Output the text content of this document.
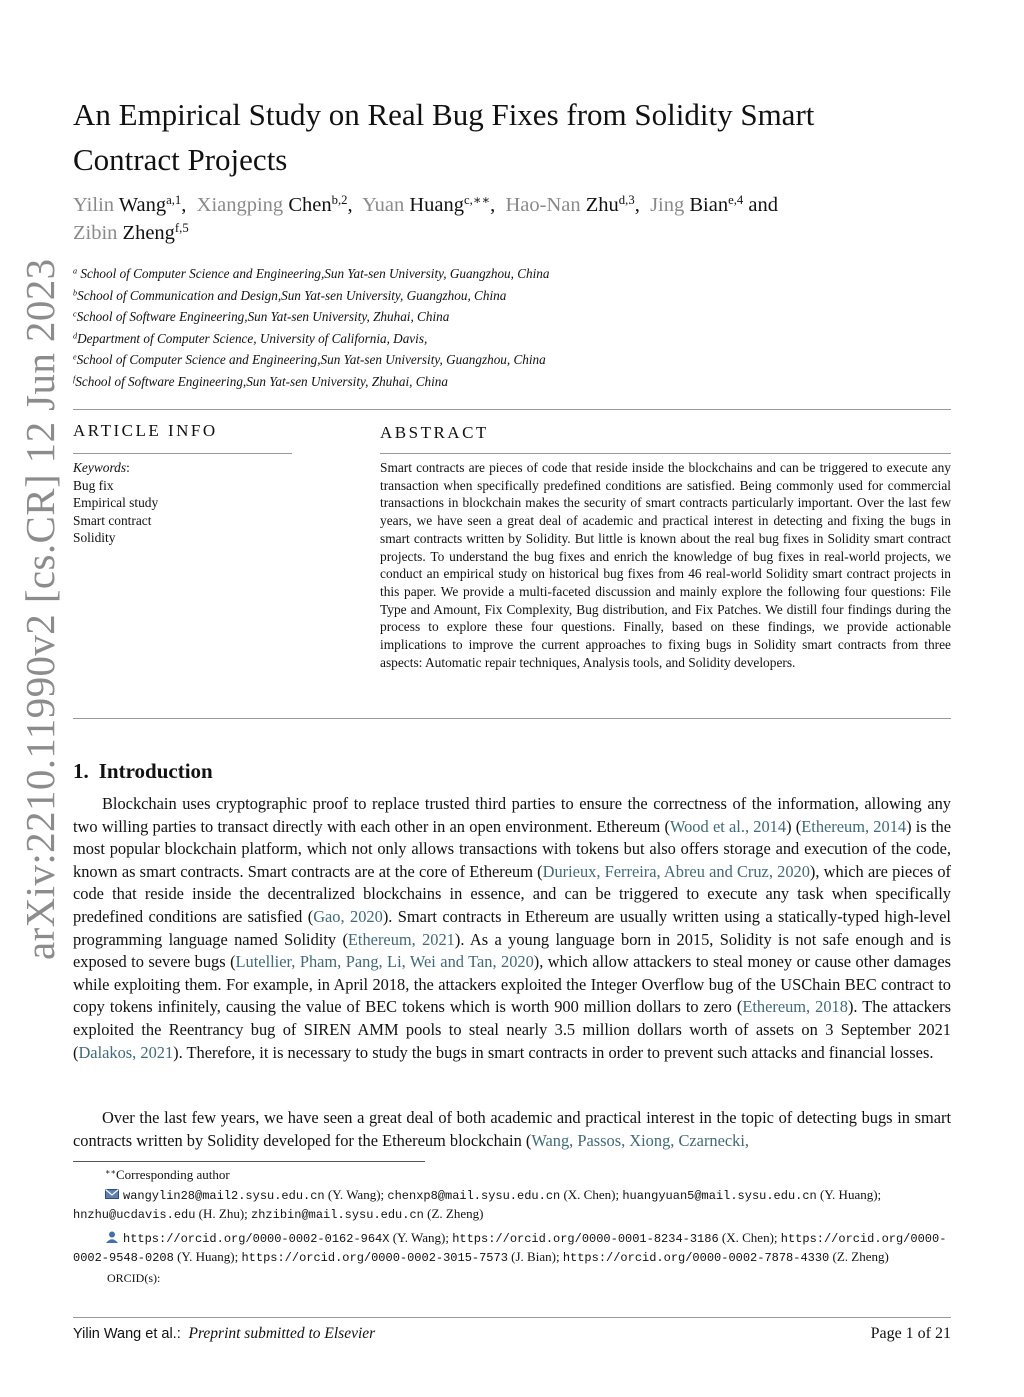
arXiv:2210.11990v2 [cs.CR] 12 Jun 2023
An Empirical Study on Real Bug Fixes from Solidity Smart
Contract Projects
Yilin Wang$^{a,1}$,  Xiangping Chen$^{b,2}$,  Yuan Huang$^{c,∗∗}$,  Hao-Nan Zhu$^{d,3}$,  Jing Bian$^{e,4}$ and
Zibin Zheng$^{f,5}$
$^a$ School of Computer Science and Engineering,Sun Yat-sen University, Guangzhou, China
$^b$School of Communication and Design,Sun Yat-sen University, Guangzhou, China
$^c$School of Software Engineering,Sun Yat-sen University, Zhuhai, China
$^d$Department of Computer Science, University of California, Davis,
$^e$School of Computer Science and Engineering,Sun Yat-sen University, Guangzhou, China
$^f$School of Software Engineering,Sun Yat-sen University, Zhuhai, China
ARTICLE INFO	ABSTRACT
Keywords:
Bug fix
Empirical study
Smart contract
Solidity
Smart contracts are pieces of code that reside inside the blockchains and can be triggered to execute any transaction when specifically predefined conditions are satisfied. Being commonly used for commercial transactions in blockchain makes the security of smart contracts particularly important. Over the last few years, we have seen a great deal of academic and practical interest in detecting and fixing the bugs in smart contracts written by Solidity. But little is known about the real bug fixes in Solidity smart contract projects. To understand the bug fixes and enrich the knowledge of bug fixes in real-world projects, we conduct an empirical study on historical bug fixes from 46 real-world Solidity smart contract projects in this paper. We provide a multi-faceted discussion and mainly explore the following four questions: File Type and Amount, Fix Complexity, Bug distribution, and Fix Patches. We distill four findings during the process to explore these four questions. Finally, based on these findings, we provide actionable implications to improve the current approaches to fixing bugs in Solidity smart contracts from three aspects: Automatic repair techniques, Analysis tools, and Solidity developers.
1. Introduction
Blockchain uses cryptographic proof to replace trusted third parties to ensure the correctness of the information, allowing any two willing parties to transact directly with each other in an open environment. Ethereum (Wood et al., 2014) (Ethereum, 2014) is the most popular blockchain platform, which not only allows transactions with tokens but also offers storage and execution of the code, known as smart contracts. Smart contracts are at the core of Ethereum (Durieux, Ferreira, Abreu and Cruz, 2020), which are pieces of code that reside inside the decentralized blockchains in essence, and can be triggered to execute any task when specifically predefined conditions are satisfied (Gao, 2020). Smart contracts in Ethereum are usually written using a statically-typed high-level programming language named Solidity (Ethereum, 2021). As a young language born in 2015, Solidity is not safe enough and is exposed to severe bugs (Lutellier, Pham, Pang, Li, Wei and Tan, 2020), which allow attackers to steal money or cause other damages while exploiting them. For example, in April 2018, the attackers exploited the Integer Overflow bug of the USChain BEC contract to copy tokens infinitely, causing the value of BEC tokens which is worth 900 million dollars to zero (Ethereum, 2018). The attackers exploited the Reentrancy bug of SIREN AMM pools to steal nearly 3.5 million dollars worth of assets on 3 September 2021 (Dalakos, 2021). Therefore, it is necessary to study the bugs in smart contracts in order to prevent such attacks and financial losses.
Over the last few years, we have seen a great deal of both academic and practical interest in the topic of detecting bugs in smart contracts written by Solidity developed for the Ethereum blockchain (Wang, Passos, Xiong, Czarnecki,
∗∗Corresponding author
wangylin28@mail2.sysu.edu.cn (Y. Wang); chenxp8@mail.sysu.edu.cn (X. Chen); huangyuan5@mail.sysu.edu.cn (Y. Huang); hnzhu@ucdavis.edu (H. Zhu); zhzibin@mail.sysu.edu.cn (Z. Zheng)
https://orcid.org/0000-0002-0162-964X (Y. Wang); https://orcid.org/0000-0001-8234-3186 (X. Chen); https://orcid.org/0000-0002-9548-0208 (Y. Huang); https://orcid.org/0000-0002-3015-7573 (J. Bian); https://orcid.org/0000-0002-7878-4330 (Z. Zheng)
ORCID(s):
Yilin Wang et al.: Preprint submitted to Elsevier	Page 1 of 21
